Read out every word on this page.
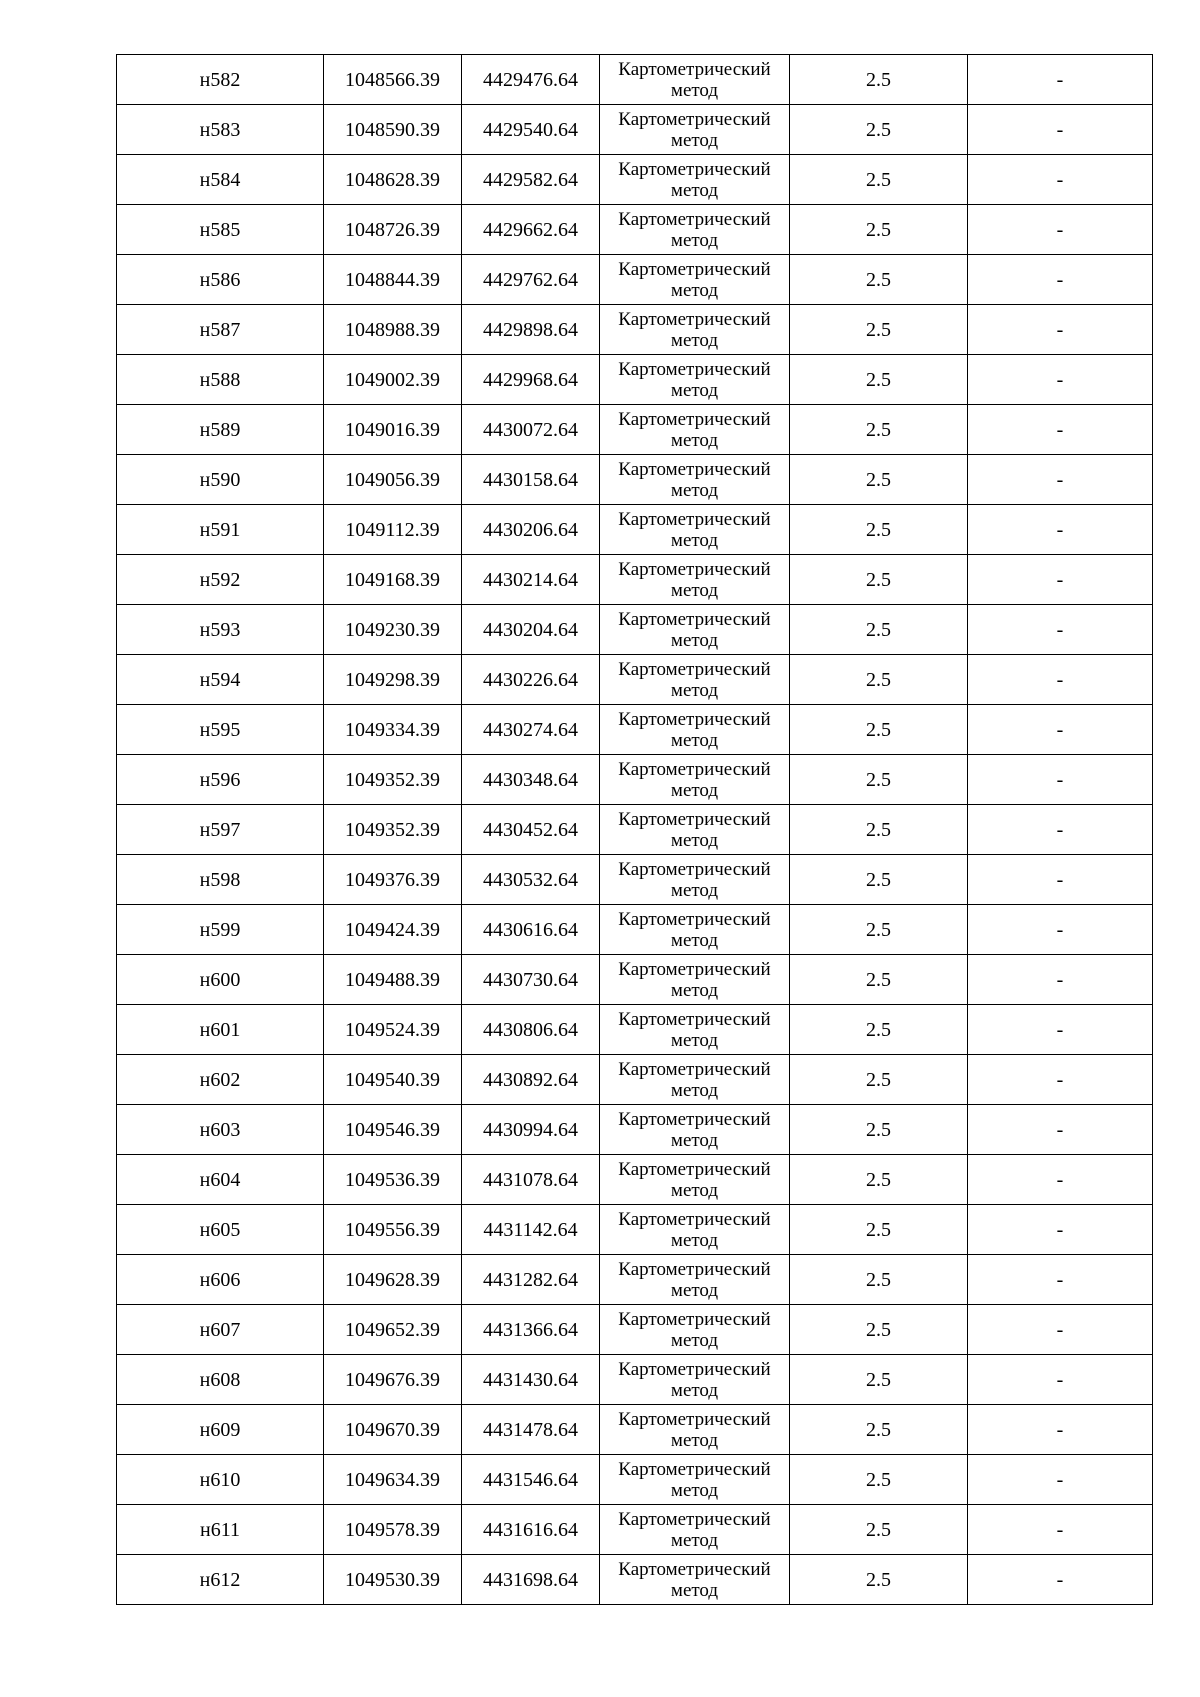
н582	1048566.39	4429476.64	Картометрический метод	2.5	-
н583	1048590.39	4429540.64	Картометрический метод	2.5	-
н584	1048628.39	4429582.64	Картометрический метод	2.5	-
н585	1048726.39	4429662.64	Картометрический метод	2.5	-
н586	1048844.39	4429762.64	Картометрический метод	2.5	-
н587	1048988.39	4429898.64	Картометрический метод	2.5	-
н588	1049002.39	4429968.64	Картометрический метод	2.5	-
н589	1049016.39	4430072.64	Картометрический метод	2.5	-
н590	1049056.39	4430158.64	Картометрический метод	2.5	-
н591	1049112.39	4430206.64	Картометрический метод	2.5	-
н592	1049168.39	4430214.64	Картометрический метод	2.5	-
н593	1049230.39	4430204.64	Картометрический метод	2.5	-
н594	1049298.39	4430226.64	Картометрический метод	2.5	-
н595	1049334.39	4430274.64	Картометрический метод	2.5	-
н596	1049352.39	4430348.64	Картометрический метод	2.5	-
н597	1049352.39	4430452.64	Картометрический метод	2.5	-
н598	1049376.39	4430532.64	Картометрический метод	2.5	-
н599	1049424.39	4430616.64	Картометрический метод	2.5	-
н600	1049488.39	4430730.64	Картометрический метод	2.5	-
н601	1049524.39	4430806.64	Картометрический метод	2.5	-
н602	1049540.39	4430892.64	Картометрический метод	2.5	-
н603	1049546.39	4430994.64	Картометрический метод	2.5	-
н604	1049536.39	4431078.64	Картометрический метод	2.5	-
н605	1049556.39	4431142.64	Картометрический метод	2.5	-
н606	1049628.39	4431282.64	Картометрический метод	2.5	-
н607	1049652.39	4431366.64	Картометрический метод	2.5	-
н608	1049676.39	4431430.64	Картометрический метод	2.5	-
н609	1049670.39	4431478.64	Картометрический метод	2.5	-
н610	1049634.39	4431546.64	Картометрический метод	2.5	-
н611	1049578.39	4431616.64	Картометрический метод	2.5	-
н612	1049530.39	4431698.64	Картометрический метод	2.5	-
